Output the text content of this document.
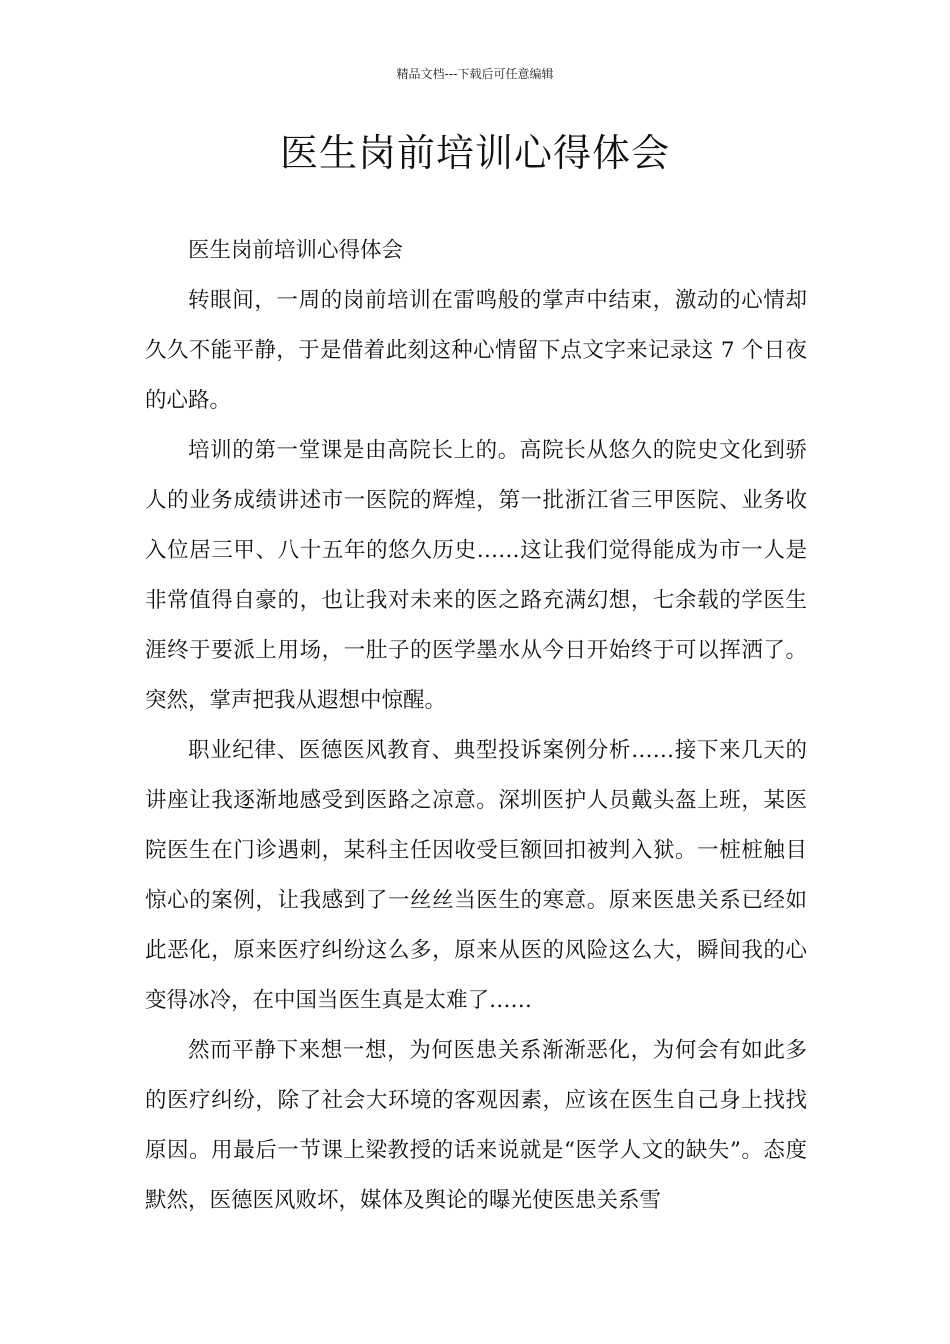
精品文档---下载后可任意编辑
医生岗前培训心得体会

医生岗前培训心得体会

转眼间，一周的岗前培训在雷鸣般的掌声中结束，激动的心情却久久不能平静，于是借着此刻这种心情留下点文字来记录这 7 个日夜的心路。

培训的第一堂课是由高院长上的。高院长从悠久的院史文化到骄人的业务成绩讲述市一医院的辉煌，第一批浙江省三甲医院、业务收入位居三甲、八十五年的悠久历史……这让我们觉得能成为市一人是非常值得自豪的，也让我对未来的医之路充满幻想，七余载的学医生涯终于要派上用场，一肚子的医学墨水从今日开始终于可以挥洒了。突然，掌声把我从遐想中惊醒。

职业纪律、医德医风教育、典型投诉案例分析……接下来几天的讲座让我逐渐地感受到医路之凉意。深圳医护人员戴头盔上班，某医院医生在门诊遇刺，某科主任因收受巨额回扣被判入狱。一桩桩触目惊心的案例，让我感到了一丝丝当医生的寒意。原来医患关系已经如此恶化，原来医疗纠纷这么多，原来从医的风险这么大，瞬间我的心变得冰冷，在中国当医生真是太难了……

然而平静下来想一想，为何医患关系渐渐恶化，为何会有如此多的医疗纠纷，除了社会大环境的客观因素，应该在医生自己身上找找原因。用最后一节课上梁教授的话来说就是“医学人文的缺失”。态度默然，医德医风败坏，媒体及舆论的曝光使医患关系雪
